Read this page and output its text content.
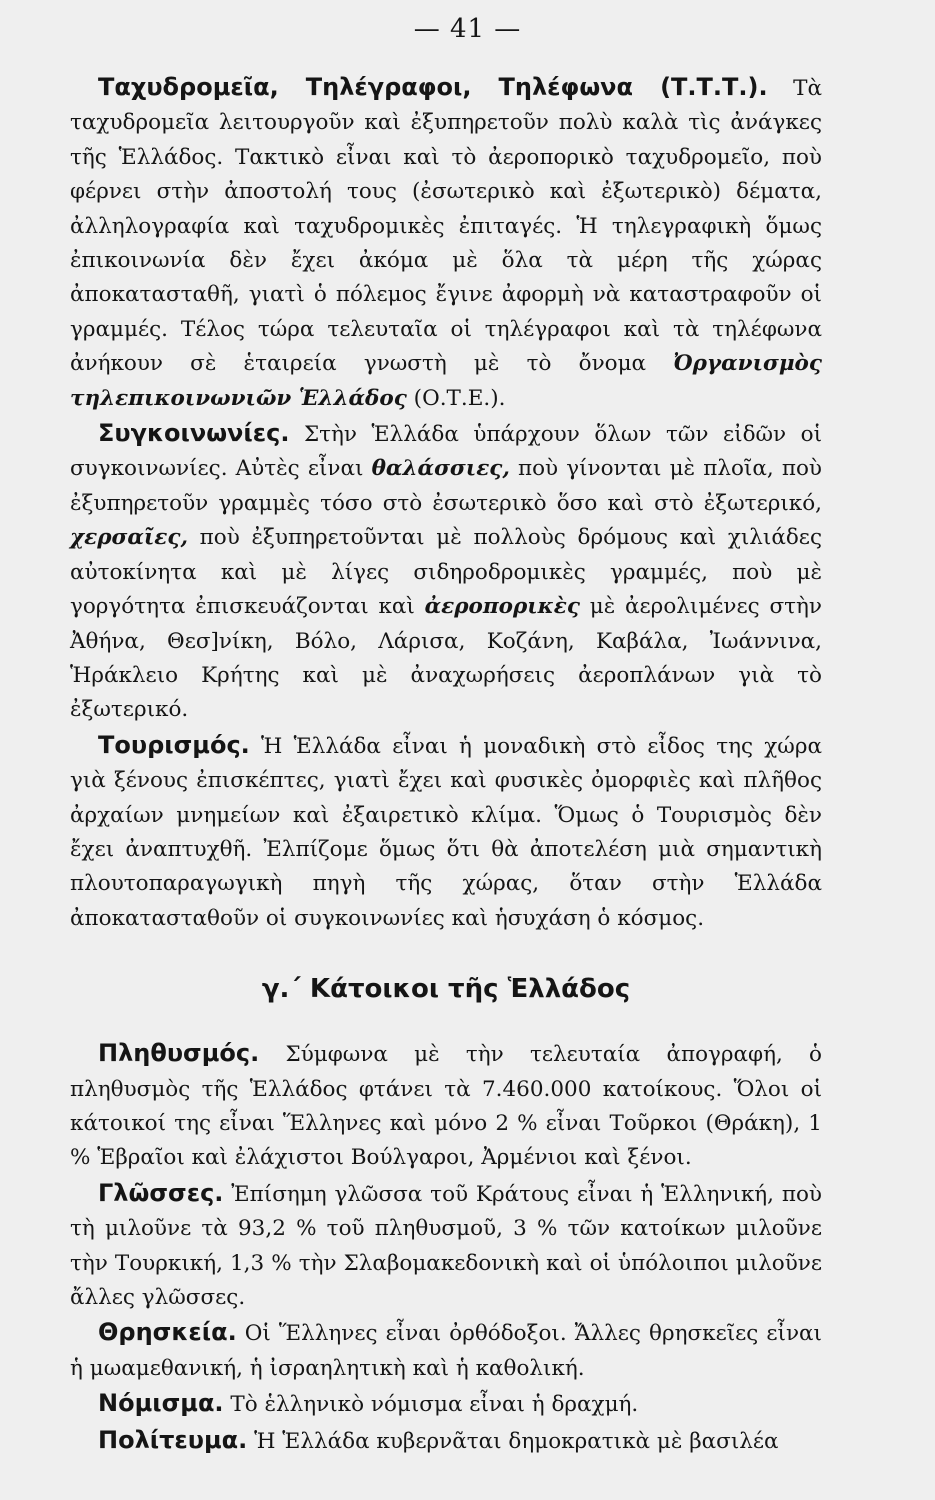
— 41 —

Ταχυδρομεῖα, Τηλέγραφοι, Τηλέφωνα (Τ.Τ.Τ.). Τὰ ταχυδρομεῖα λειτουργοῦν καὶ ἐξυπηρετοῦν πολὺ καλὰ τὶς ἀνάγκες τῆς Ἑλλάδος. Τακτικὸ εἶναι καὶ τὸ ἀεροπορικὸ ταχυδρομεῖο, ποὺ φέρνει στὴν ἀποστολή τους (ἐσωτερικὸ καὶ ἐξωτερικὸ) δέματα, ἀλληλογραφία καὶ ταχυδρομικὲς ἐπιταγές. Ἡ τηλεγραφικὴ ὅμως ἐπικοινωνία δὲν ἔχει ἀκόμα μὲ ὅλα τὰ μέρη τῆς χώρας ἀποκατασταθῆ, γιατὶ ὁ πόλεμος ἔγινε ἀφορμὴ νὰ καταστραφοῦν οἱ γραμμές. Τέλος τώρα τελευταῖα οἱ τηλέγραφοι καὶ τὰ τηλέφωνα ἀνήκουν σὲ ἑταιρεία γνωστὴ μὲ τὸ ὄνομα Ὀργανισμὸς τηλεπικοινωνιῶν Ἑλλάδος (Ο.Τ.Ε.).

Συγκοινωνίες. Στὴν Ἑλλάδα ὑπάρχουν ὅλων τῶν εἰδῶν οἱ συγκοινωνίες. Αὐτὲς εἶναι θαλάσσιες, ποὺ γίνονται μὲ πλοῖα, ποὺ ἐξυπηρετοῦν γραμμὲς τόσο στὸ ἐσωτερικὸ ὅσο καὶ στὸ ἐξωτερικό, χερσαῖες, ποὺ ἐξυπηρετοῦνται μὲ πολλοὺς δρόμους καὶ χιλιάδες αὐτοκίνητα καὶ μὲ λίγες σιδηροδρομικὲς γραμμές, ποὺ μὲ γοργότητα ἐπισκευάζονται καὶ ἀεροπορικὲς μὲ ἀερολιμένες στὴν Ἀθήνα, Θεσ]νίκη, Βόλο, Λάρισα, Κοζάνη, Καβάλα, Ἰωάννινα, Ἡράκλειο Κρήτης καὶ μὲ ἀναχωρήσεις ἀεροπλάνων γιὰ τὸ ἐξωτερικό.

Τουρισμός. Ἡ Ἑλλάδα εἶναι ἡ μοναδικὴ στὸ εἶδος της χώρα γιὰ ξένους ἐπισκέπτες, γιατὶ ἔχει καὶ φυσικὲς ὀμορφιὲς καὶ πλῆθος ἀρχαίων μνημείων καὶ ἐξαιρετικὸ κλίμα. Ὅμως ὁ Τουρισμὸς δὲν ἔχει ἀναπτυχθῆ. Ἐλπίζομε ὅμως ὅτι θὰ ἀποτελέση μιὰ σημαντικὴ πλουτοπαραγωγικὴ πηγὴ τῆς χώρας, ὅταν στὴν Ἑλλάδα ἀποκατασταθοῦν οἱ συγκοινωνίες καὶ ἡσυχάση ὁ κόσμος.

γ.΄ Κάτοικοι τῆς Ἑλλάδος

Πληθυσμός. Σύμφωνα μὲ τὴν τελευταία ἀπογραφή, ὁ πληθυσμὸς τῆς Ἑλλάδος φτάνει τὰ 7.460.000 κατοίκους. Ὅλοι οἱ κάτοικοί της εἶναι Ἕλληνες καὶ μόνο 2 % εἶναι Τοῦρκοι (Θράκη), 1 % Ἑβραῖοι καὶ ἐλάχιστοι Βούλγαροι, Ἀρμένιοι καὶ ξένοι.

Γλῶσσες. Ἐπίσημη γλῶσσα τοῦ Κράτους εἶναι ἡ Ἑλληνική, ποὺ τὴ μιλοῦνε τὰ 93,2 % τοῦ πληθυσμοῦ, 3 % τῶν κατοίκων μιλοῦνε τὴν Τουρκική, 1,3 % τὴν Σλαβομακεδονικὴ καὶ οἱ ὑπόλοιποι μιλοῦνε ἄλλες γλῶσσες.

Θρησκεία. Οἱ Ἕλληνες εἶναι ὀρθόδοξοι. Ἄλλες θρησκεῖες εἶναι ἡ μωαμεθανική, ἡ ἰσραηλητικὴ καὶ ἡ καθολική.

Νόμισμα. Τὸ ἑλληνικὸ νόμισμα εἶναι ἡ δραχμή.

Πολίτευμα. Ἡ Ἑλλάδα κυβερνᾶται δημοκρατικὰ μὲ βασιλέα
